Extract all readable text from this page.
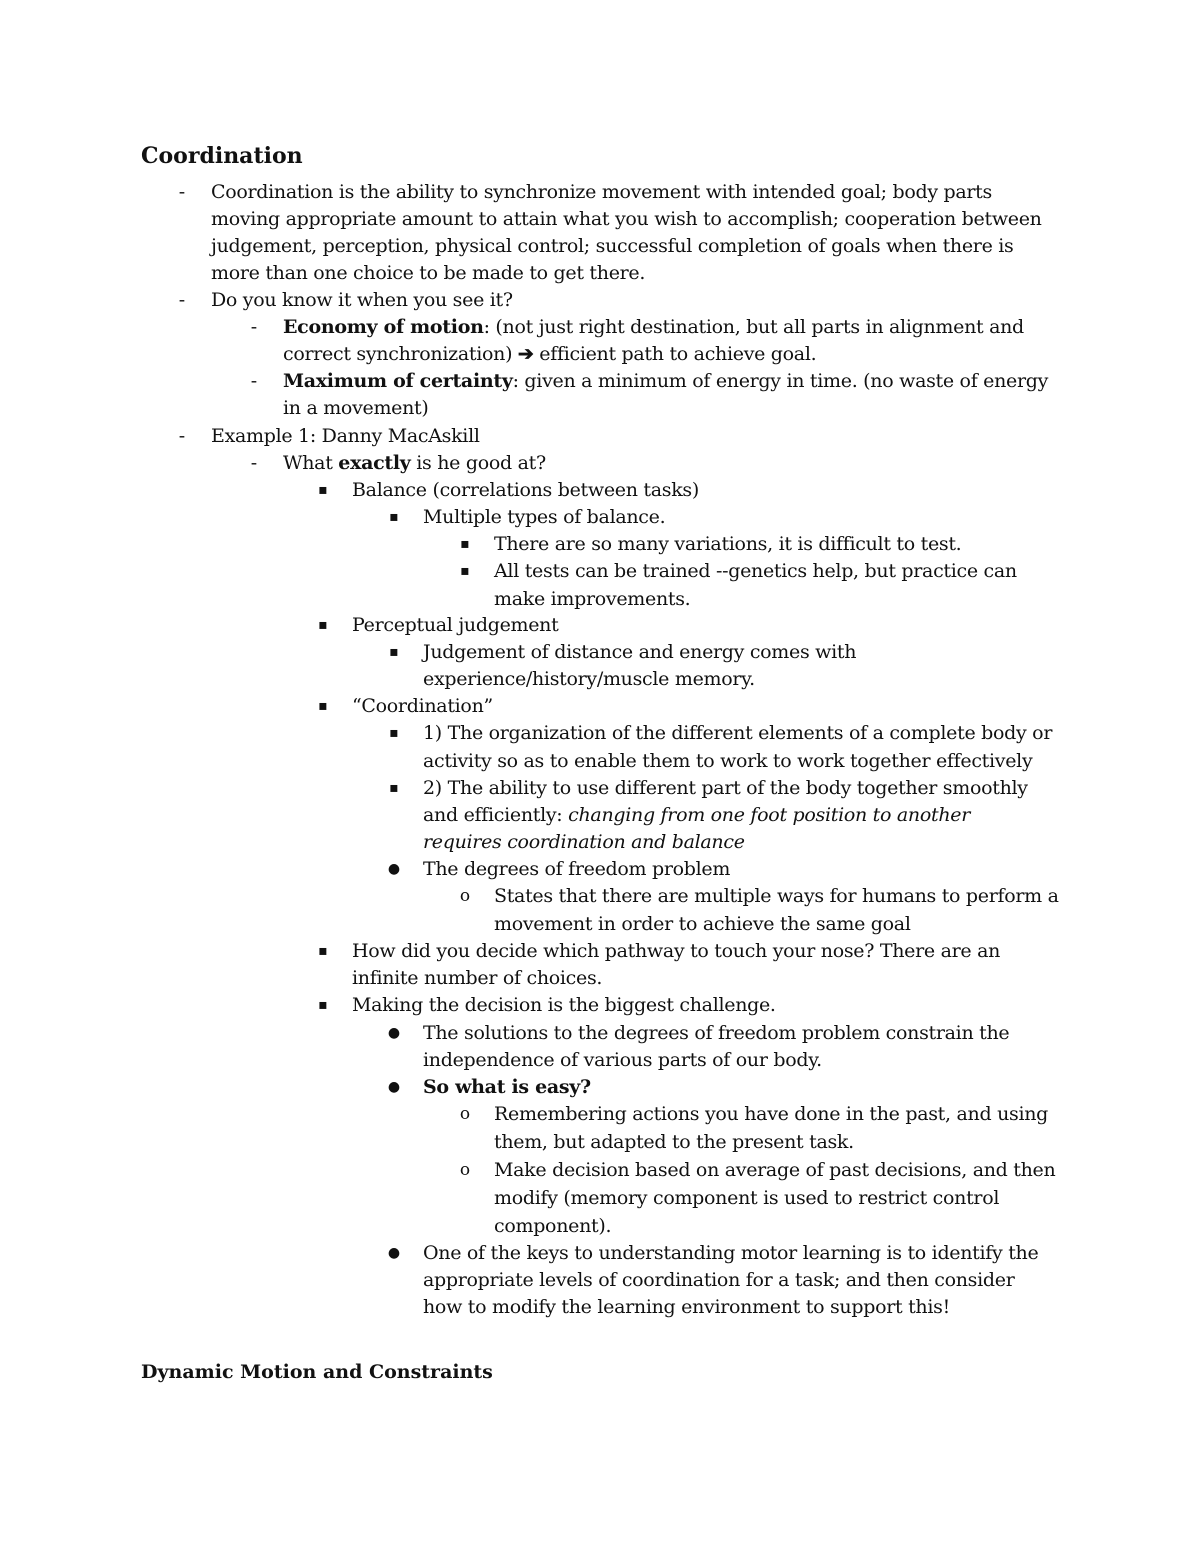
Coordination
-	Coordination is the ability to synchronize movement with intended goal; body parts
moving appropriate amount to attain what you wish to accomplish; cooperation between
judgement, perception, physical control; successful completion of goals when there is
more than one choice to be made to get there.
-	Do you know it when you see it?
-	Economy of motion: (not just right destination, but all parts in alignment and
correct synchronization) ➔ efficient path to achieve goal.
-	Maximum of certainty: given a minimum of energy in time. (no waste of energy
in a movement)
-	Example 1: Danny MacAskill
-	What exactly is he good at?
▪ Balance (correlations between tasks)
▪ Multiple types of balance.
▪ There are so many variations, it is difficult to test.
▪ All tests can be trained --genetics help, but practice can
make improvements.
▪ Perceptual judgement
▪ Judgement of distance and energy comes with
experience/history/muscle memory.
▪ “Coordination”
▪ 1) The organization of the different elements of a complete body or
activity so as to enable them to work to work together effectively
▪ 2) The ability to use different part of the body together smoothly
and efficiently: changing from one foot position to another
requires coordination and balance
● The degrees of freedom problem
o States that there are multiple ways for humans to perform a
movement in order to achieve the same goal
▪ How did you decide which pathway to touch your nose? There are an
infinite number of choices.
▪ Making the decision is the biggest challenge.
● The solutions to the degrees of freedom problem constrain the
independence of various parts of our body.
● So what is easy?
o Remembering actions you have done in the past, and using
them, but adapted to the present task.
o Make decision based on average of past decisions, and then
modify (memory component is used to restrict control
component).
● One of the keys to understanding motor learning is to identify the
appropriate levels of coordination for a task; and then consider
how to modify the learning environment to support this!
Dynamic Motion and Constraints
